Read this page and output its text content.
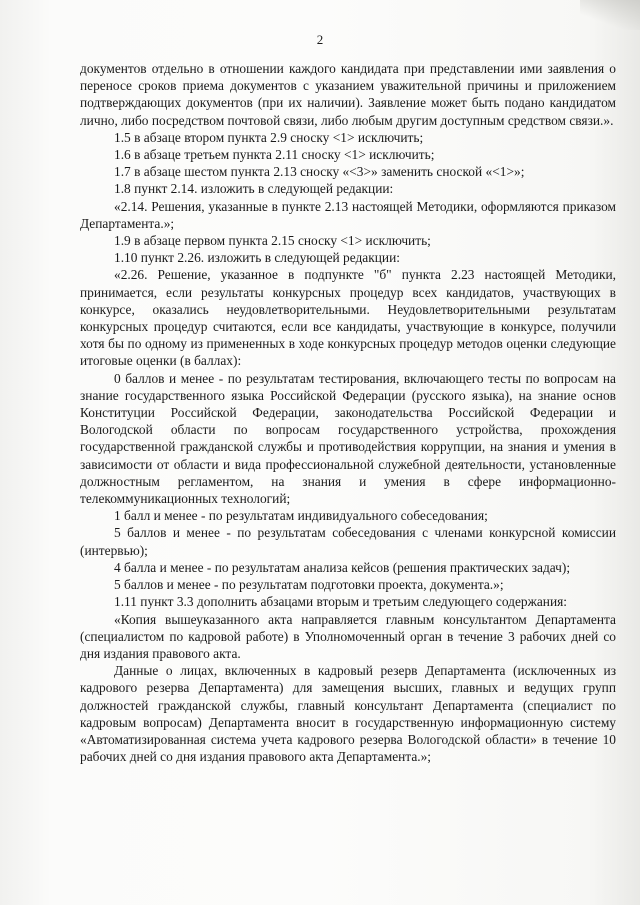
2

документов отдельно в отношении каждого кандидата при представлении ими заявления о переносе сроков приема документов с указанием уважительной причины и приложением подтверждающих документов (при их наличии). Заявление может быть подано кандидатом лично, либо посредством почтовой связи, либо любым другим доступным средством связи.».

1.5 в абзаце втором пункта 2.9 сноску <1> исключить;

1.6 в абзаце третьем пункта 2.11 сноску <1> исключить;

1.7 в абзаце шестом пункта 2.13 сноску «<3>» заменить сноской «<1>»;

1.8 пункт 2.14. изложить в следующей редакции:

«2.14. Решения, указанные в пункте 2.13 настоящей Методики, оформляются приказом Департамента.»;

1.9 в абзаце первом пункта 2.15 сноску <1> исключить;

1.10 пункт 2.26. изложить в следующей редакции:

«2.26. Решение, указанное в подпункте "б" пункта 2.23 настоящей Методики, принимается, если результаты конкурсных процедур всех кандидатов, участвующих в конкурсе, оказались неудовлетворительными. Неудовлетворительными результатам конкурсных процедур считаются, если все кандидаты, участвующие в конкурсе, получили хотя бы по одному из примененных в ходе конкурсных процедур методов оценки следующие итоговые оценки (в баллах):

0 баллов и менее - по результатам тестирования, включающего тесты по вопросам на знание государственного языка Российской Федерации (русского языка), на знание основ Конституции Российской Федерации, законодательства Российской Федерации и Вологодской области по вопросам государственного устройства, прохождения государственной гражданской службы и противодействия коррупции, на знания и умения в зависимости от области и вида профессиональной служебной деятельности, установленные должностным регламентом, на знания и умения в сфере информационно-телекоммуникационных технологий;

1 балл и менее - по результатам индивидуального собеседования;

5 баллов и менее - по результатам собеседования с членами конкурсной комиссии (интервью);

4 балла и менее - по результатам анализа кейсов (решения практических задач);

5 баллов и менее - по результатам подготовки проекта, документа.»;

1.11 пункт 3.3 дополнить абзацами вторым и третьим следующего содержания:

«Копия вышеуказанного акта направляется главным консультантом Департамента (специалистом по кадровой работе) в Уполномоченный орган в течение 3 рабочих дней со дня издания правового акта.

Данные о лицах, включенных в кадровый резерв Департамента (исключенных из кадрового резерва Департамента) для замещения высших, главных и ведущих групп должностей гражданской службы, главный консультант Департамента (специалист по кадровым вопросам) Департамента вносит в государственную информационную систему «Автоматизированная система учета кадрового резерва Вологодской области» в течение 10 рабочих дней со дня издания правового акта Департамента.»;
